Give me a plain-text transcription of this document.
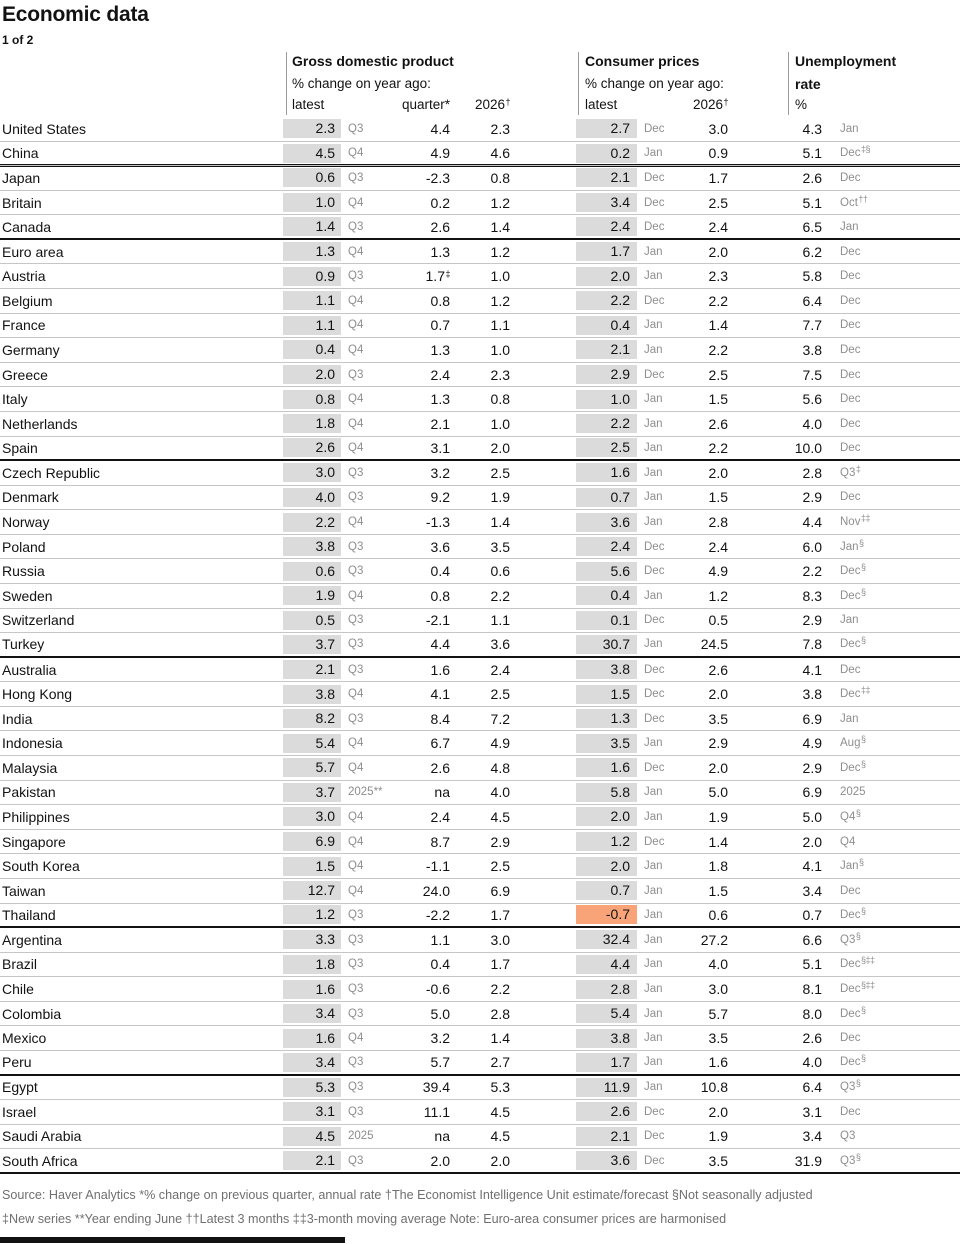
Economic data
1 of 2
Gross domestic product
% change on year ago:
latest	quarter*	2026†
Consumer prices
% change on year ago:
latest	2026†
Unemployment
rate
%
United States	2.3	Q3	4.4	2.3	2.7	Dec	3.0	4.3	Jan
China	4.5	Q4	4.9	4.6	0.2	Jan	0.9	5.1	Dec‡§
Japan	0.6	Q3	-2.3	0.8	2.1	Dec	1.7	2.6	Dec
Britain	1.0	Q4	0.2	1.2	3.4	Dec	2.5	5.1	Oct††
Canada	1.4	Q3	2.6	1.4	2.4	Dec	2.4	6.5	Jan
Euro area	1.3	Q4	1.3	1.2	1.7	Jan	2.0	6.2	Dec
Austria	0.9	Q3	1.7‡	1.0	2.0	Jan	2.3	5.8	Dec
Belgium	1.1	Q4	0.8	1.2	2.2	Dec	2.2	6.4	Dec
France	1.1	Q4	0.7	1.1	0.4	Jan	1.4	7.7	Dec
Germany	0.4	Q4	1.3	1.0	2.1	Jan	2.2	3.8	Dec
Greece	2.0	Q3	2.4	2.3	2.9	Dec	2.5	7.5	Dec
Italy	0.8	Q4	1.3	0.8	1.0	Jan	1.5	5.6	Dec
Netherlands	1.8	Q4	2.1	1.0	2.2	Jan	2.6	4.0	Dec
Spain	2.6	Q4	3.1	2.0	2.5	Jan	2.2	10.0	Dec
Czech Republic	3.0	Q3	3.2	2.5	1.6	Jan	2.0	2.8	Q3‡
Denmark	4.0	Q3	9.2	1.9	0.7	Jan	1.5	2.9	Dec
Norway	2.2	Q4	-1.3	1.4	3.6	Jan	2.8	4.4	Nov‡‡
Poland	3.8	Q3	3.6	3.5	2.4	Dec	2.4	6.0	Jan§
Russia	0.6	Q3	0.4	0.6	5.6	Dec	4.9	2.2	Dec§
Sweden	1.9	Q4	0.8	2.2	0.4	Jan	1.2	8.3	Dec§
Switzerland	0.5	Q3	-2.1	1.1	0.1	Dec	0.5	2.9	Jan
Turkey	3.7	Q3	4.4	3.6	30.7	Jan	24.5	7.8	Dec§
Australia	2.1	Q3	1.6	2.4	3.8	Dec	2.6	4.1	Dec
Hong Kong	3.8	Q4	4.1	2.5	1.5	Dec	2.0	3.8	Dec‡‡
India	8.2	Q3	8.4	7.2	1.3	Dec	3.5	6.9	Jan
Indonesia	5.4	Q4	6.7	4.9	3.5	Jan	2.9	4.9	Aug§
Malaysia	5.7	Q4	2.6	4.8	1.6	Dec	2.0	2.9	Dec§
Pakistan	3.7	2025**	na	4.0	5.8	Jan	5.0	6.9	2025
Philippines	3.0	Q4	2.4	4.5	2.0	Jan	1.9	5.0	Q4§
Singapore	6.9	Q4	8.7	2.9	1.2	Dec	1.4	2.0	Q4
South Korea	1.5	Q4	-1.1	2.5	2.0	Jan	1.8	4.1	Jan§
Taiwan	12.7	Q4	24.0	6.9	0.7	Jan	1.5	3.4	Dec
Thailand	1.2	Q3	-2.2	1.7	-0.7	Jan	0.6	0.7	Dec§
Argentina	3.3	Q3	1.1	3.0	32.4	Jan	27.2	6.6	Q3§
Brazil	1.8	Q3	0.4	1.7	4.4	Jan	4.0	5.1	Dec§‡‡
Chile	1.6	Q3	-0.6	2.2	2.8	Jan	3.0	8.1	Dec§‡‡
Colombia	3.4	Q3	5.0	2.8	5.4	Jan	5.7	8.0	Dec§
Mexico	1.6	Q4	3.2	1.4	3.8	Jan	3.5	2.6	Dec
Peru	3.4	Q3	5.7	2.7	1.7	Jan	1.6	4.0	Dec§
Egypt	5.3	Q3	39.4	5.3	11.9	Jan	10.8	6.4	Q3§
Israel	3.1	Q3	11.1	4.5	2.6	Dec	2.0	3.1	Dec
Saudi Arabia	4.5	2025	na	4.5	2.1	Dec	1.9	3.4	Q3
South Africa	2.1	Q3	2.0	2.0	3.6	Dec	3.5	31.9	Q3§
Source: Haver Analytics *% change on previous quarter, annual rate †The Economist Intelligence Unit estimate/forecast §Not seasonally adjusted
‡New series **Year ending June ††Latest 3 months ‡‡3-month moving average Note: Euro-area consumer prices are harmonised
